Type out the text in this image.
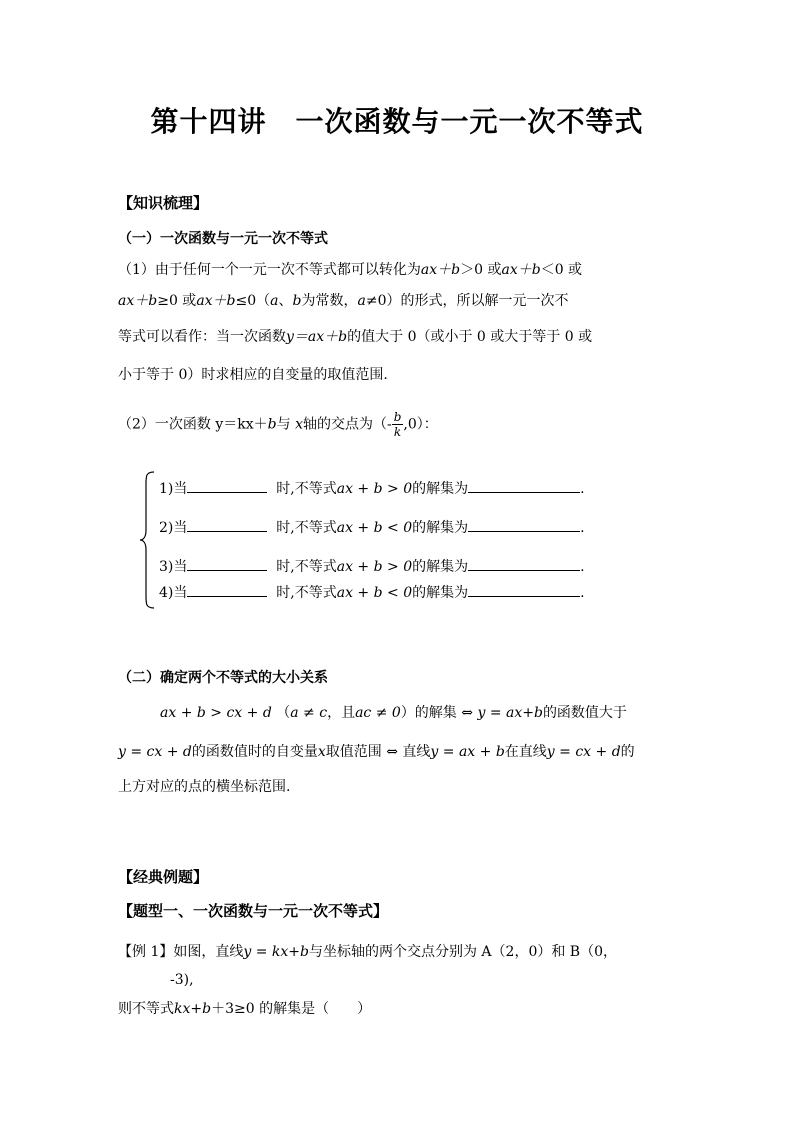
第十四讲　一次函数与一元一次不等式
【知识梳理】
（一）一次函数与一元一次不等式
（1）由于任何一个一元一次不等式都可以转化为ax＋b＞0 或ax＋b＜0 或
ax＋b≥0 或ax＋b≤0（a、b为常数，a≠0）的形式，所以解一元一次不
等式可以看作：当一次函数y＝ax＋b的值大于 0（或小于 0 或大于等于 0 或
小于等于 0）时求相应的自变量的取值范围.
（2）一次函数 y＝kx＋b与 x轴的交点为（- $\frac{b}{k} ,0$）：
1)当	时,不等式ax + b > 0的解集为	.
2)当	时,不等式ax + b < 0的解集为	.
3)当	时,不等式ax + b > 0的解集为	.
4)当	时,不等式ax + b < 0的解集为	.
（二）确定两个不等式的大小关系
ax + b > cx + d （a ≠ c，且ac ≠ 0）的解集 ⇔ y = ax+b的函数值大于
y = cx + d的函数值时的自变量x取值范围 ⇔ 直线y = ax + b在直线y = cx + d的
上方对应的点的横坐标范围.
【经典例题】
【题型一、一次函数与一元一次不等式】
【例 1】如图，直线y = kx+b与坐标轴的两个交点分别为 A（2，0）和 B（0，
-3),
则不等式kx+b＋3≥0 的解集是（　　）
